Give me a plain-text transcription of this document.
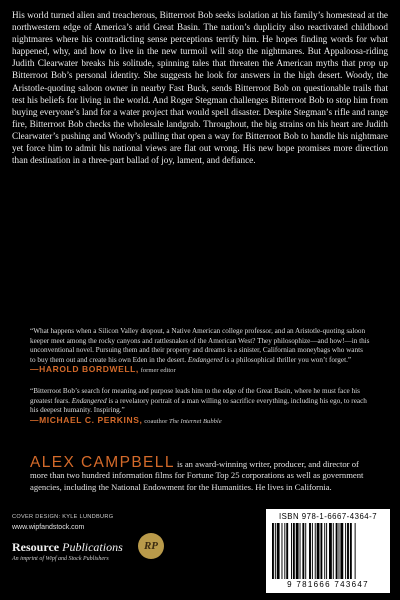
His world turned alien and treacherous, Bitterroot Bob seeks isolation at his family’s homestead at the northwestern edge of America’s arid Great Basin. The nation’s duplicity also reactivated childhood nightmares where his contradicting sense perceptions terrify him. He hopes finding words for what happened, why, and how to live in the new turmoil will stop the nightmares. But Appaloosa-riding Judith Clearwater breaks his solitude, spinning tales that threaten the American myths that prop up Bitterroot Bob’s personal identity. She suggests he look for answers in the high desert. Woody, the Aristotle-quoting saloon owner in nearby Fast Buck, sends Bitterroot Bob on questionable trails that test his beliefs for living in the world. And Roger Stegman challenges Bitterroot Bob to stop him from buying everyone’s land for a water project that would spell disaster. Despite Stegman’s rifle and range fire, Bitterroot Bob checks the wholesale landgrab. Throughout, the big strains on his heart are Judith Clearwater’s pushing and Woody’s pulling that open a way for Bitterroot Bob to handle his nightmare yet force him to admit his national views are flat out wrong. His new hope promises more direction than destination in a three-part ballad of joy, lament, and defiance.
“What happens when a Silicon Valley dropout, a Native American college professor, and an Aristotle-quoting saloon keeper meet among the rocky canyons and rattlesnakes of the American West? They philosophize—and how!—in this unconventional novel. Pursuing them and their property and dreams is a sinister, Californian moneybags who wants to buy them out and create his own Eden in the desert. Endangered is a philosophical thriller you won’t forget.”
—HAROLD BORDWELL, former editor
“Bitterroot Bob’s search for meaning and purpose leads him to the edge of the Great Basin, where he must face his greatest fears. Endangered is a revelatory portrait of a man willing to sacrifice everything, including his ego, to reach his deepest humanity. Inspiring.”
—MICHAEL C. PERKINS, coauthor The Internet Bubble
ALEX CAMPBELL is an award-winning writer, producer, and director of more than two hundred information films for Fortune Top 25 corporations as well as government agencies, including the National Endowment for the Humanities. He lives in California.
COVER DESIGN: KYLE LUNDBURG
www.wipfandstock.com
Resource Publications
An imprint of Wipf and Stock Publishers
RP
ISBN 978-1-6667-4364-7
9 781666 743647
